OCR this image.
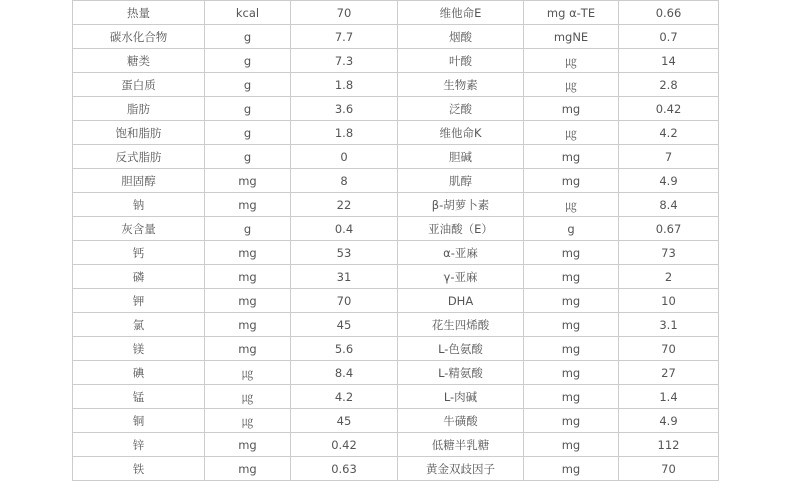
热量	kcal	70	维他命E	mg α-TE	0.66
碳水化合物	g	7.7	烟酸	mgNE	0.7
糖类	g	7.3	叶酸	㎍	14
蛋白质	g	1.8	生物素	㎍	2.8
脂肪	g	3.6	泛酸	mg	0.42
饱和脂肪	g	1.8	维他命K	㎍	4.2
反式脂肪	g	0	胆碱	mg	7
胆固醇	mg	8	肌醇	mg	4.9
钠	mg	22	β-胡萝卜素	㎍	8.4
灰含量	g	0.4	亚油酸（E）	g	0.67
钙	mg	53	α-亚麻	mg	73
磷	mg	31	γ-亚麻	mg	2
钾	mg	70	DHA	mg	10
氯	mg	45	花生四烯酸	mg	3.1
镁	mg	5.6	L-色氨酸	mg	70
碘	㎍	8.4	L-精氨酸	mg	27
锰	㎍	4.2	L-肉碱	mg	1.4
铜	㎍	45	牛磺酸	mg	4.9
锌	mg	0.42	低糖半乳糖	mg	112
铁	mg	0.63	黄金双歧因子	mg	70
